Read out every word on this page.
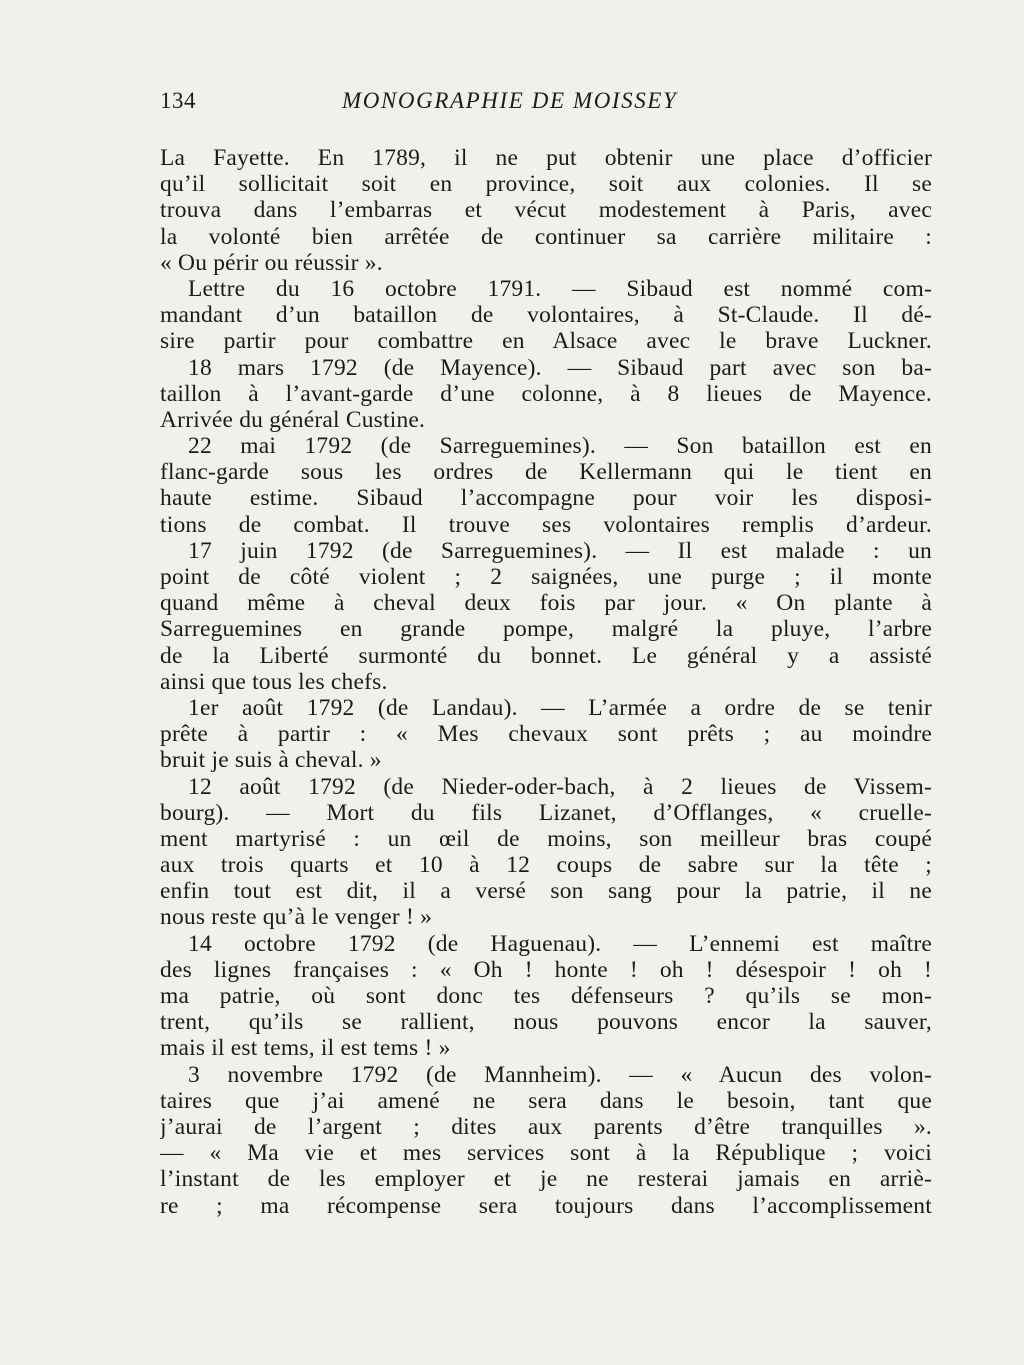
134	MONOGRAPHIE DE MOISSEY
La Fayette. En 1789, il ne put obtenir une place d’officier
qu’il sollicitait soit en province, soit aux colonies. Il se
trouva dans l’embarras et vécut modestement à Paris, avec
la volonté bien arrêtée de continuer sa carrière militaire :
« Ou périr ou réussir ».
Lettre du 16 octobre 1791. — Sibaud est nommé com-
mandant d’un bataillon de volontaires, à St-Claude. Il dé-
sire partir pour combattre en Alsace avec le brave Luckner.
18 mars 1792 (de Mayence). — Sibaud part avec son ba-
taillon à l’avant-garde d’une colonne, à 8 lieues de Mayence.
Arrivée du général Custine.
22 mai 1792 (de Sarreguemines). — Son bataillon est en
flanc-garde sous les ordres de Kellermann qui le tient en
haute estime. Sibaud l’accompagne pour voir les disposi-
tions de combat. Il trouve ses volontaires remplis d’ardeur.
17 juin 1792 (de Sarreguemines). — Il est malade : un
point de côté violent ; 2 saignées, une purge ; il monte
quand même à cheval deux fois par jour. « On plante à
Sarreguemines en grande pompe, malgré la pluye, l’arbre
de la Liberté surmonté du bonnet. Le général y a assisté
ainsi que tous les chefs.
1er août 1792 (de Landau). — L’armée a ordre de se tenir
prête à partir : « Mes chevaux sont prêts ; au moindre
bruit je suis à cheval. »
12 août 1792 (de Nieder-oder-bach, à 2 lieues de Vissem-
bourg). — Mort du fils Lizanet, d’Offlanges, « cruelle-
ment martyrisé : un œil de moins, son meilleur bras coupé
aux trois quarts et 10 à 12 coups de sabre sur la tête ;
enfin tout est dit, il a versé son sang pour la patrie, il ne
nous reste qu’à le venger ! »
14 octobre 1792 (de Haguenau). — L’ennemi est maître
des lignes françaises : « Oh ! honte ! oh ! désespoir ! oh !
ma patrie, où sont donc tes défenseurs ? qu’ils se mon-
trent, qu’ils se rallient, nous pouvons encor la sauver,
mais il est tems, il est tems ! »
3 novembre 1792 (de Mannheim). — « Aucun des volon-
taires que j’ai amené ne sera dans le besoin, tant que
j’aurai de l’argent ; dites aux parents d’être tranquilles ».
— « Ma vie et mes services sont à la République ; voici
l’instant de les employer et je ne resterai jamais en arriè-
re ; ma récompense sera toujours dans l’accomplissement
